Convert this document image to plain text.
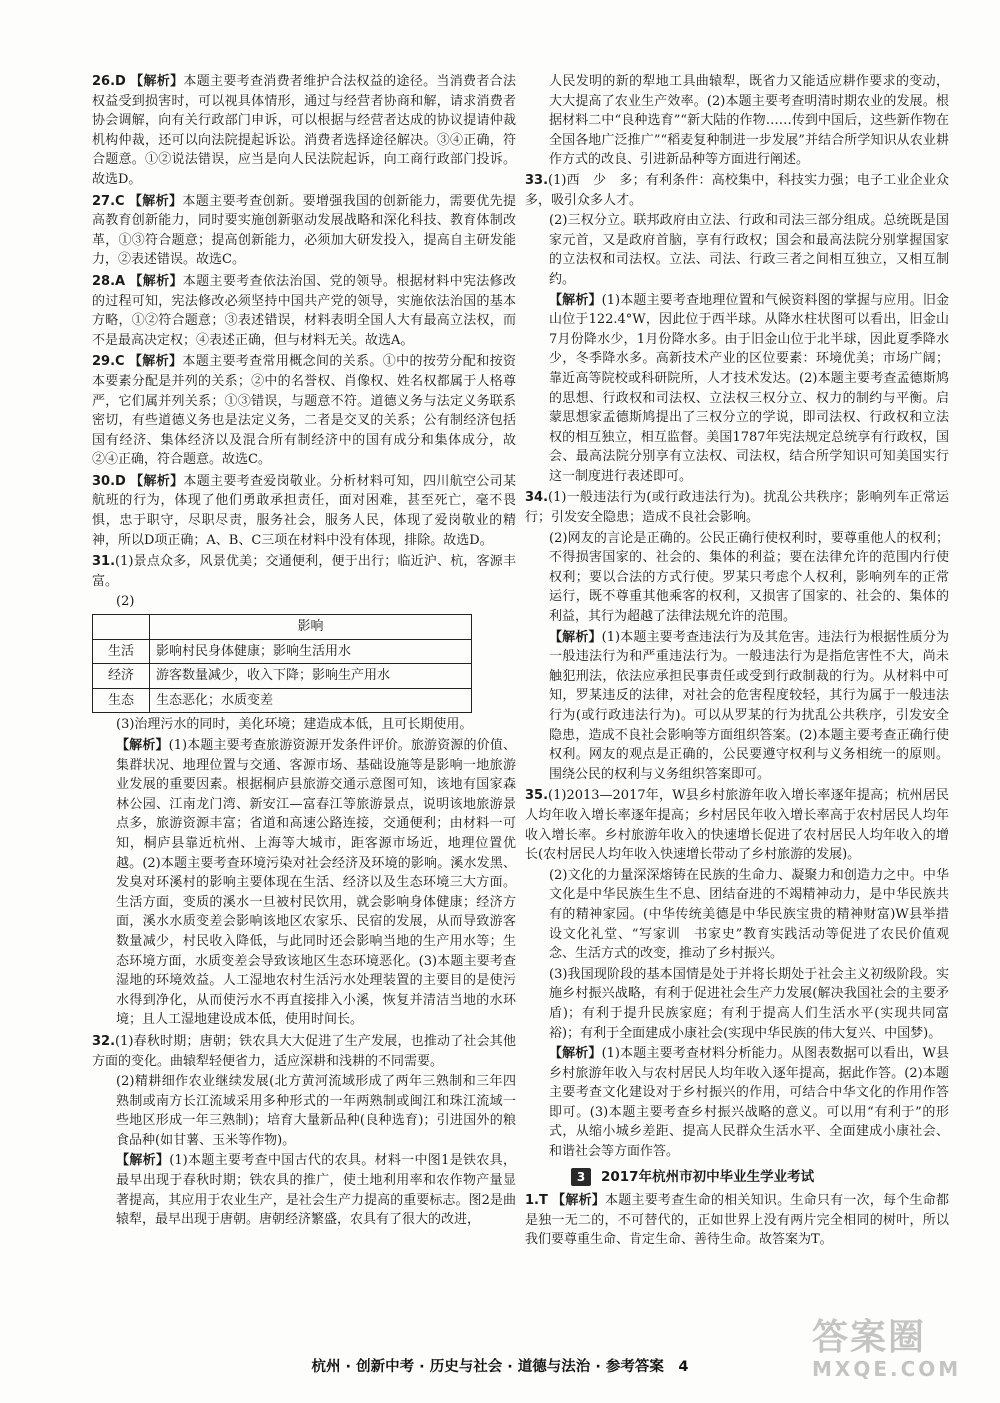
26.D 【解析】本题主要考查消费者维护合法权益的途径。当消费者合法权益受到损害时，可以视具体情形，通过与经营者协商和解，请求消费者协会调解，向有关行政部门申诉，可以根据与经营者达成的协议提请仲裁机构仲裁，还可以向法院提起诉讼。消费者选择途径解决。③④正确，符合题意。①②说法错误，应当是向人民法院起诉，向工商行政部门投诉。故选D。

27.C 【解析】本题主要考查创新。要增强我国的创新能力，需要优先提高教育创新能力，同时要实施创新驱动发展战略和深化科技、教育体制改革，①③符合题意；提高创新能力，必须加大研发投入，提高自主研发能力，②表述错误。故选C。

28.A 【解析】本题主要考查依法治国、党的领导。根据材料中宪法修改的过程可知，宪法修改必须坚持中国共产党的领导，实施依法治国的基本方略，①②符合题意；③表述错误，材料表明全国人大有最高立法权，而不是最高决定权；④表述正确，但与材料无关。故选A。

29.C 【解析】本题主要考查常用概念间的关系。①中的按劳分配和按资本要素分配是并列的关系；②中的名誉权、肖像权、姓名权都属于人格尊严，它们属并列关系；①③错误，与题意不符。道德义务与法定义务联系密切，有些道德义务也是法定义务，二者是交叉的关系；公有制经济包括国有经济、集体经济以及混合所有制经济中的国有成分和集体成分，故②④正确，符合题意。故选C。

30.D 【解析】本题主要考查爱岗敬业。分析材料可知，四川航空公司某航班的行为，体现了他们勇敢承担责任，面对困难，甚至死亡，毫不畏惧，忠于职守，尽职尽责，服务社会，服务人民，体现了爱岗敬业的精神，所以D项正确；A、B、C三项在材料中没有体现，排除。故选D。

31.(1)景点众多，风景优美；交通便利，便于出行；临近沪、杭，客源丰富。

(2)

	影响
生活	影响村民身体健康；影响生活用水
经济	游客数量减少，收入下降；影响生产用水
生态	生态恶化；水质变差

(3)治理污水的同时，美化环境；建造成本低，且可长期使用。

【解析】(1)本题主要考查旅游资源开发条件评价。旅游资源的价值、集群状况、地理位置与交通、客源市场、基础设施等是影响一地旅游业发展的重要因素。根据桐庐县旅游交通示意图可知，该地有国家森林公园、江南龙门湾、新安江—富春江等旅游景点，说明该地旅游景点多，旅游资源丰富；省道和高速公路连接，交通便利；由材料一可知，桐庐县靠近杭州、上海等大城市，距客源市场近，地理位置优越。(2)本题主要考查环境污染对社会经济及环境的影响。溪水发黑、发臭对环溪村的影响主要体现在生活、经济以及生态环境三大方面。生活方面，变质的溪水一旦被村民饮用，就会影响身体健康；经济方面，溪水水质变差会影响该地区农家乐、民宿的发展，从而导致游客数量减少，村民收入降低，与此同时还会影响当地的生产用水等；生态环境方面，水质变差会导致该地区生态环境恶化。(3)本题主要考查湿地的环境效益。人工湿地农村生活污水处理装置的主要目的是使污水得到净化，从而使污水不再直接排入小溪，恢复并清洁当地的水环境；且人工湿地建设成本低，使用时间长。

32.(1)春秋时期；唐朝；铁农具大大促进了生产发展，也推动了社会其他方面的变化。曲辕犁轻便省力，适应深耕和浅耕的不同需要。

(2)精耕细作农业继续发展(北方黄河流域形成了两年三熟制和三年四熟制或南方长江流域采用多种形式的一年两熟制或闽江和珠江流域一些地区形成一年三熟制)；培育大量新品种(良种选育)；引进国外的粮食品种(如甘薯、玉米等作物)。

【解析】(1)本题主要考查中国古代的农具。材料一中图1是铁农具，最早出现于春秋时期；铁农具的推广，使土地利用率和农作物产量显著提高，其应用于农业生产，是社会生产力提高的重要标志。图2是曲辕犁，最早出现于唐朝。唐朝经济繁盛，农具有了很大的改进，

人民发明的新的犁地工具曲辕犁，既省力又能适应耕作要求的变动，大大提高了农业生产效率。(2)本题主要考查明清时期农业的发展。根据材料二中“良种选育”“新大陆的作物……传到中国后，这些新作物在全国各地广泛推广”“稻麦复种制进一步发展”并结合所学知识从农业耕作方式的改良、引进新品种等方面进行阐述。

33.(1)西　少　多；有利条件：高校集中，科技实力强；电子工业企业众多，吸引众多人才。

(2)三权分立。联邦政府由立法、行政和司法三部分组成。总统既是国家元首，又是政府首脑，享有行政权；国会和最高法院分别掌握国家的立法权和司法权。立法、司法、行政三者之间相互独立，又相互制约。

【解析】(1)本题主要考查地理位置和气候资料图的掌握与应用。旧金山位于122.4°W，因此位于西半球。从降水柱状图可以看出，旧金山7月份降水少，1月份降水多。由于旧金山位于北半球，因此夏季降水少，冬季降水多。高新技术产业的区位要素：环境优美；市场广阔；靠近高等院校或科研院所，人才技术发达。(2)本题主要考查孟德斯鸠的思想、行政权和司法权、立法权三权分立、权力的制约与平衡。启蒙思想家孟德斯鸠提出了三权分立的学说，即司法权、行政权和立法权的相互独立，相互监督。美国1787年宪法规定总统享有行政权，国会、最高法院分别享有立法权、司法权，结合所学知识可知美国实行这一制度进行表述即可。

34.(1)一般违法行为(或行政违法行为)。扰乱公共秩序；影响列车正常运行；引发安全隐患；造成不良社会影响。

(2)网友的言论是正确的。公民正确行使权利时，要尊重他人的权利；不得损害国家的、社会的、集体的利益；要在法律允许的范围内行使权利；要以合法的方式行使。罗某只考虑个人权利，影响列车的正常运行，既不尊重其他乘客的权利，又损害了国家的、社会的、集体的利益，其行为超越了法律法规允许的范围。

【解析】(1)本题主要考查违法行为及其危害。违法行为根据性质分为一般违法行为和严重违法行为。一般违法行为是指危害性不大，尚未触犯刑法，依法应承担民事责任或受到行政制裁的行为。从材料中可知，罗某违反的法律，对社会的危害程度较轻，其行为属于一般违法行为(或行政违法行为)。可以从罗某的行为扰乱公共秩序，引发安全隐患，造成不良社会影响等方面组织答案。(2)本题主要考查正确行使权利。网友的观点是正确的，公民要遵守权利与义务相统一的原则。围绕公民的权利与义务组织答案即可。

35.(1)2013—2017年，W县乡村旅游年收入增长率逐年提高；杭州居民人均年收入增长率逐年提高；乡村居民年收入增长率高于农村居民人均年收入增长率。乡村旅游年收入的快速增长促进了农村居民人均年收入的增长(农村居民人均年收入快速增长带动了乡村旅游的发展)。

(2)文化的力量深深熔铸在民族的生命力、凝聚力和创造力之中。中华文化是中华民族生生不息、团结奋进的不竭精神动力，是中华民族共有的精神家园。(中华传统美德是中华民族宝贵的精神财富)W县举措设文化礼堂、“写家训　书家史”教育实践活动等促进了农民价值观念、生活方式的改变，推动了乡村振兴。

(3)我国现阶段的基本国情是处于并将长期处于社会主义初级阶段。实施乡村振兴战略，有利于促进社会生产力发展(解决我国社会的主要矛盾)；有利于提升民族家庭；有利于提高人们生活水平(实现共同富裕)；有利于全面建成小康社会(实现中华民族的伟大复兴、中国梦)。

【解析】(1)本题主要考查材料分析能力。从图表数据可以看出，W县乡村旅游年收入与农村居民人均年收入逐年提高，据此作答。(2)本题主要考查文化建设对于乡村振兴的作用，可结合中华文化的作用作答即可。(3)本题主要考查乡村振兴战略的意义。可以用“有利于”的形式，从缩小城乡差距、提高人民群众生活水平、全面建成小康社会、和谐社会等方面作答。

3	2017年杭州市初中毕业生学业考试

1.T 【解析】本题主要考查生命的相关知识。生命只有一次，每个生命都是独一无二的，不可替代的，正如世界上没有两片完全相同的树叶，所以我们要尊重生命、肯定生命、善待生命。故答案为T。

杭州 · 创新中考 · 历史与社会 · 道德与法治 · 参考答案　4
答案圈
MXQE.COM
